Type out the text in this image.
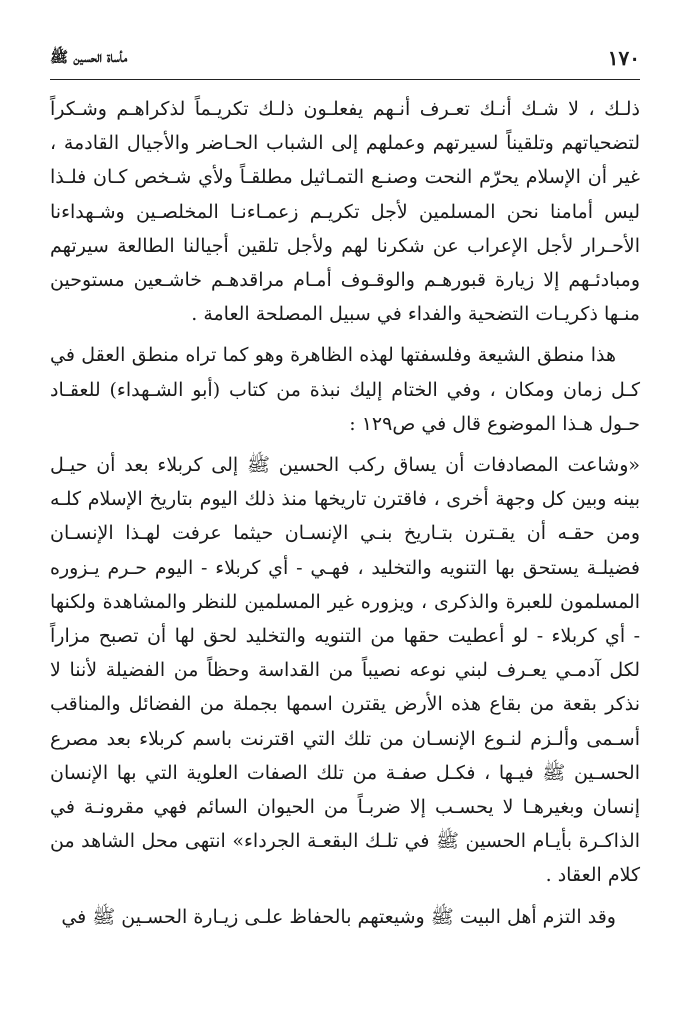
١٧٠
مأساة الحسين ﷺ

ذلـك ، لا شـك أنـك تعـرف أنـهم يفعلـون ذلـك تكريـماً لذكراهـم وشـكراً لتضحياتهم وتلقيناً لسيرتهم وعملهم إلى الشباب الحـاضر والأجيال القادمة ، غير أن الإسلام يحرّم النحت وصنـع التمـاثيل مطلقـاً ولأي شـخص كـان فلـذا ليس أمامنا نحن المسلمين لأجل تكريـم زعمـاءنـا المخلصـين وشـهداءنا الأحـرار لأجل الإعراب عن شكرنا لهم ولأجل تلقين أجيالنا الطالعة سيرتهم ومبادئـهم إلا زيارة قبورهـم والوقـوف أمـام مراقدهـم خاشـعين مستوحين منـها ذكريـات التضحية والفداء في سبيل المصلحة العامة .

هذا منطق الشيعة وفلسفتها لهذه الظاهرة وهو كما تراه منطق العقل في كـل زمان ومكان ، وفي الختام إليك نبذة من كتاب (أبو الشـهداء) للعقـاد حـول هـذا الموضوع قال في ص١٢٩ :

«وشاعت المصادفات أن يساق ركب الحسين ﷺ إلى كربلاء بعد أن حيـل بينه وبين كل وجهة أخرى ، فاقترن تاريخها منذ ذلك اليوم بتاريخ الإسلام كلـه ومن حقـه أن يقـترن بتـاريخ بنـي الإنسـان حيثما عرفت لهـذا الإنسـان فضيلـة يستحق بها التنويه والتخليد ، فهـي - أي كربلاء - اليوم حـرم يـزوره المسلمون للعبرة والذكرى ، ويزوره غير المسلمين للنظر والمشاهدة ولكنها - أي كربلاء - لو أعطيت حقها من التنويه والتخليد لحق لها أن تصبح مزاراً لكل آدمـي يعـرف لبني نوعه نصيباً من القداسة وحظاً من الفضيلة لأننا لا نذكر بقعة من بقاع هذه الأرض يقترن اسمها بجملة من الفضائل والمناقب أسـمى وألـزم لنـوع الإنسـان من تلك التي اقترنت باسم كربلاء بعد مصرع الحسـين ﷺ فيـها ، فكـل صفـة من تلك الصفات العلوية التي بها الإنسان إنسان وبغيرهـا لا يحسـب إلا ضربـاً من الحيوان السائم فهي مقرونـة في الذاكـرة بأيـام الحسين ﷺ في تلـك البقعـة الجرداء» انتهى محل الشاهد من كلام العقاد .

وقد التزم أهل البيت ﷺ وشيعتهم بالحفاظ علـى زيـارة الحسـين ﷺ في
